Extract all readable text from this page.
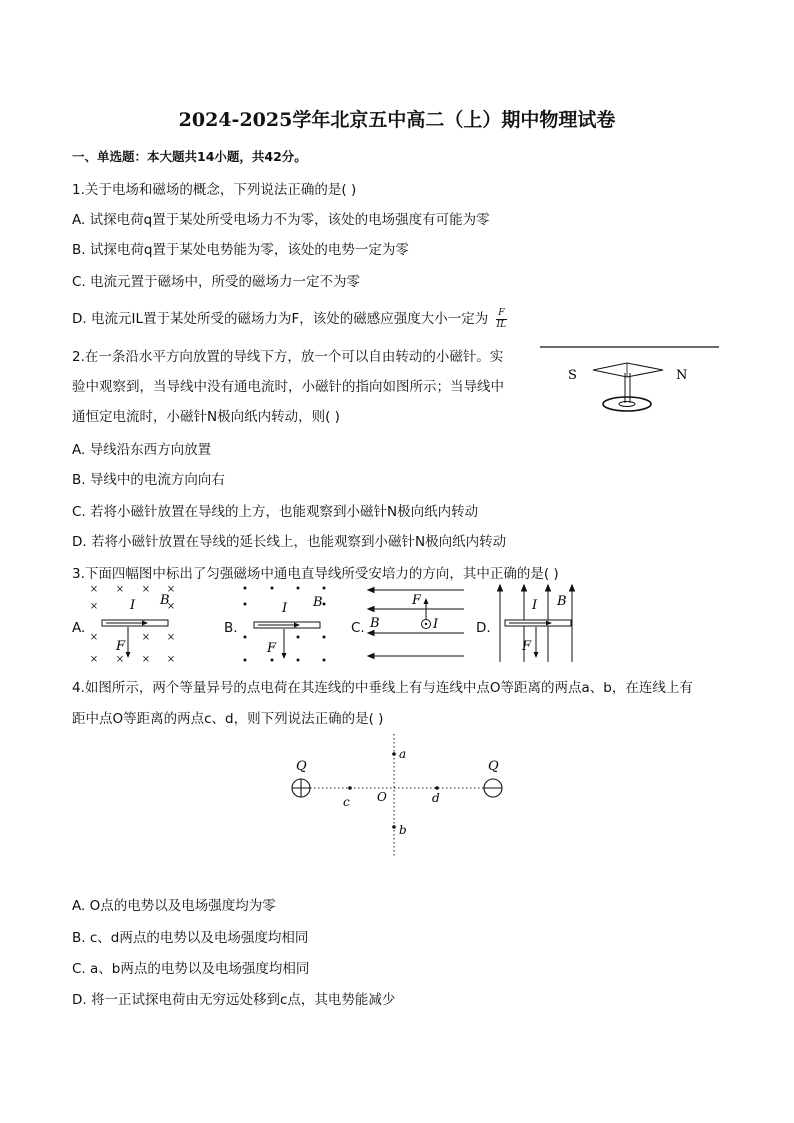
2024-2025学年北京五中高二（上）期中物理试卷
一、单选题：本大题共14小题，共42分。
1.关于电场和磁场的概念，下列说法正确的是( )
A. 试探电荷q置于某处所受电场力不为零，该处的电场强度有可能为零
B. 试探电荷q置于某处电势能为零，该处的电势一定为零
C. 电流元置于磁场中，所受的磁场力一定不为零
D. 电流元IL置于某处所受的磁场力为F，该处的磁感应强度大小一定为 $\frac{F}{IL}$
2.在一条沿水平方向放置的导线下方，放一个可以自由转动的小磁针。实
验中观察到，当导线中没有通电流时，小磁针的指向如图所示；当导线中
通恒定电流时，小磁针N极向纸内转动，则( )
A. 导线沿东西方向放置
B. 导线中的电流方向向右
C. 若将小磁针放置在导线的上方，也能观察到小磁针N极向纸内转动
D. 若将小磁针放置在导线的延长线上，也能观察到小磁针N极向纸内转动
S	N
3.下面四幅图中标出了匀强磁场中通电直导线所受安培力的方向，其中正确的是( )
A.	B.	C.	D.
× × × ×
×	×
×	× ×
× × × ×
I B
F
I B
F
F
I
B
I B
F
4.如图所示，两个等量异号的点电荷在其连线的中垂线上有与连线中点O等距离的两点a、b，在连线上有
距中点O等距离的两点c、d，则下列说法正确的是( )
Q	Q
a
b
c	d
O
A. O点的电势以及电场强度均为零
B. c、d两点的电势以及电场强度均相同
C. a、b两点的电势以及电场强度均相同
D. 将一正试探电荷由无穷远处移到c点，其电势能减少
